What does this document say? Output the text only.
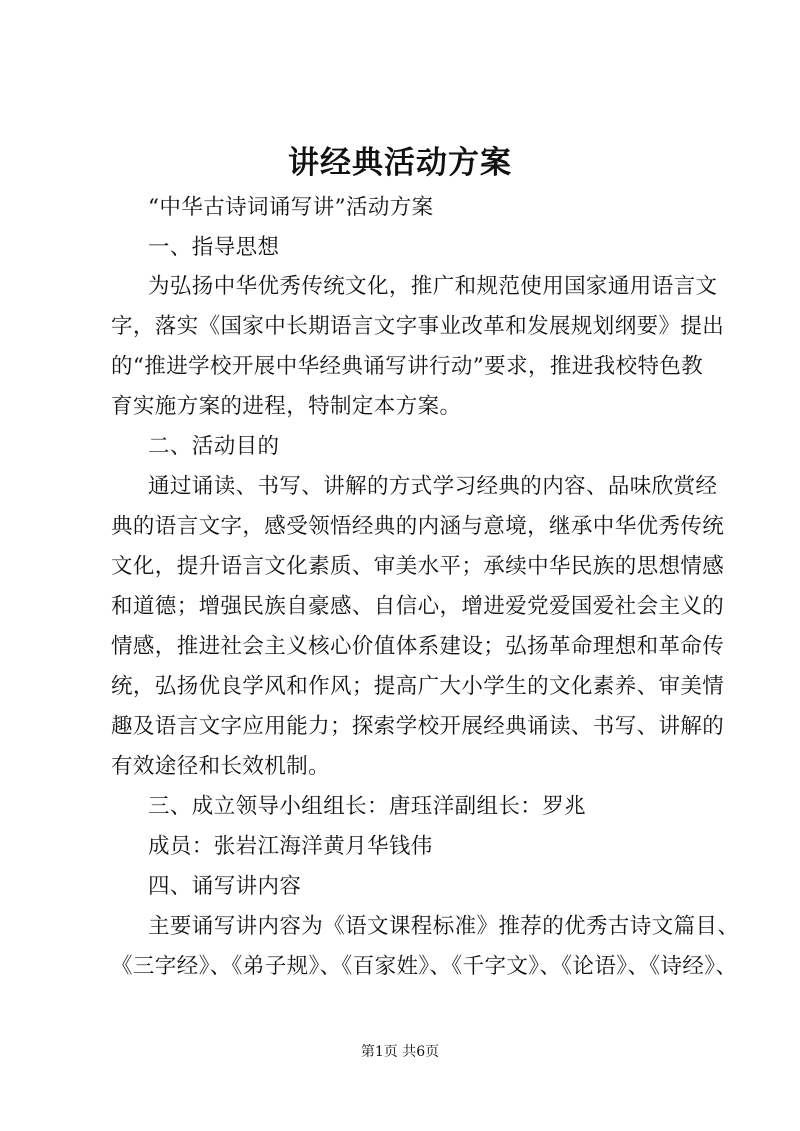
讲经典活动方案
“中华古诗词诵写讲”活动方案
一、指导思想
为弘扬中华优秀传统文化，推广和规范使用国家通用语言文
字，落实《国家中长期语言文字事业改革和发展规划纲要》提出
的“推进学校开展中华经典诵写讲行动”要求，推进我校特色教
育实施方案的进程，特制定本方案。
二、活动目的
通过诵读、书写、讲解的方式学习经典的内容、品味欣赏经
典的语言文字，感受领悟经典的内涵与意境，继承中华优秀传统
文化，提升语言文化素质、审美水平；承续中华民族的思想情感
和道德；增强民族自豪感、自信心，增进爱党爱国爱社会主义的
情感，推进社会主义核心价值体系建设；弘扬革命理想和革命传
统，弘扬优良学风和作风；提高广大小学生的文化素养、审美情
趣及语言文字应用能力；探索学校开展经典诵读、书写、讲解的
有效途径和长效机制。
三、成立领导小组组长：唐珏洋副组长：罗兆
成员：张岩江海洋黄月华钱伟
四、诵写讲内容
主要诵写讲内容为《语文课程标准》推荐的优秀古诗文篇目、
《三字经》、《弟子规》、《百家姓》、《千字文》、《论语》、《诗经》、
第1页 共6页
